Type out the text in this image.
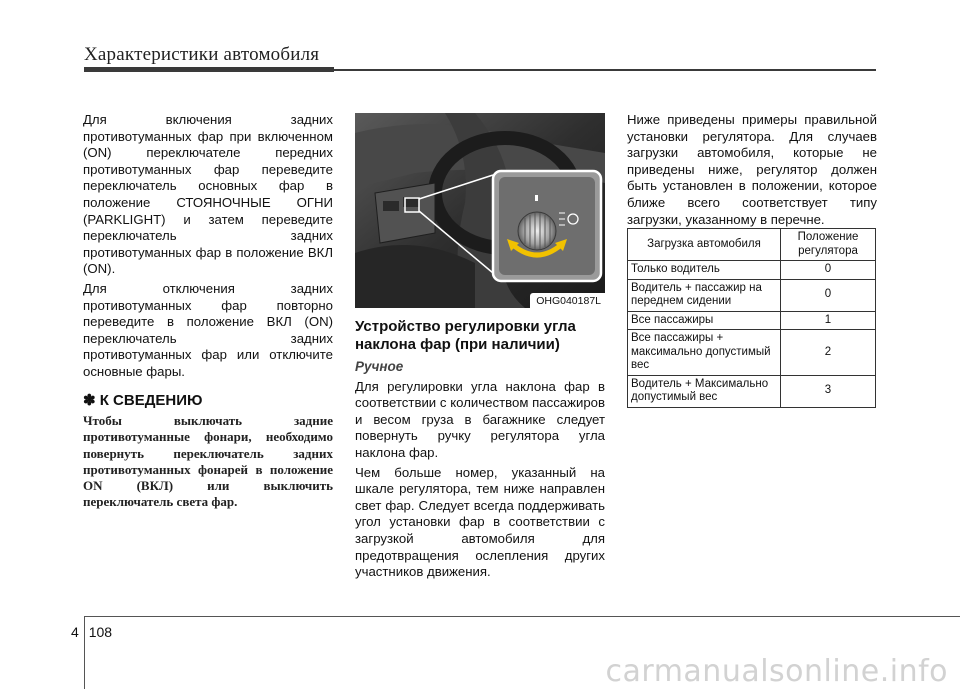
Характеристики автомобиля

Для включения задних противотуманных фар при включенном (ON) переключателе передних противотуманных фар переведите переключатель основных фар в положение СТОЯНОЧНЫЕ ОГНИ (PARKLIGHT) и затем переведите переключатель задних противотуманных фар в положение ВКЛ (ON).

Для отключения задних противотуманных фар повторно переведите в положение ВКЛ (ON) переключатель задних противотуманных фар или отключите основные фары.

✽ К СВЕДЕНИЮ
Чтобы выключать задние противотуманные фонари, необходимо повернуть переключатель задних противотуманных фонарей в положение ON (ВКЛ) или выключить переключатель света фар.
OHG040187L
Устройство регулировки угла наклона фар (при наличии)
Ручное

Для регулировки угла наклона фар в соответствии с количеством пассажиров и весом груза в багажнике следует повернуть ручку регулятора угла наклона фар.

Чем больше номер, указанный на шкале регулятора, тем ниже направлен свет фар. Следует всегда поддерживать угол установки фар в соответствии с загрузкой автомобиля для предотвращения ослепления других участников движения.

Ниже приведены примеры правильной установки регулятора. Для случаев загрузки автомобиля, которые не приведены ниже, регулятор должен быть установлен в положении, которое ближе всего соответствует типу загрузки, указанному в перечне.

Загрузка автомобиля	Положение регулятора
Только водитель	0
Водитель + пассажир на переднем сидении	0
Все пассажиры	1
Все пассажиры + максимально допустимый вес	2
Водитель + Максимально допустимый вес	3
4 108
carmanualsonline.info
